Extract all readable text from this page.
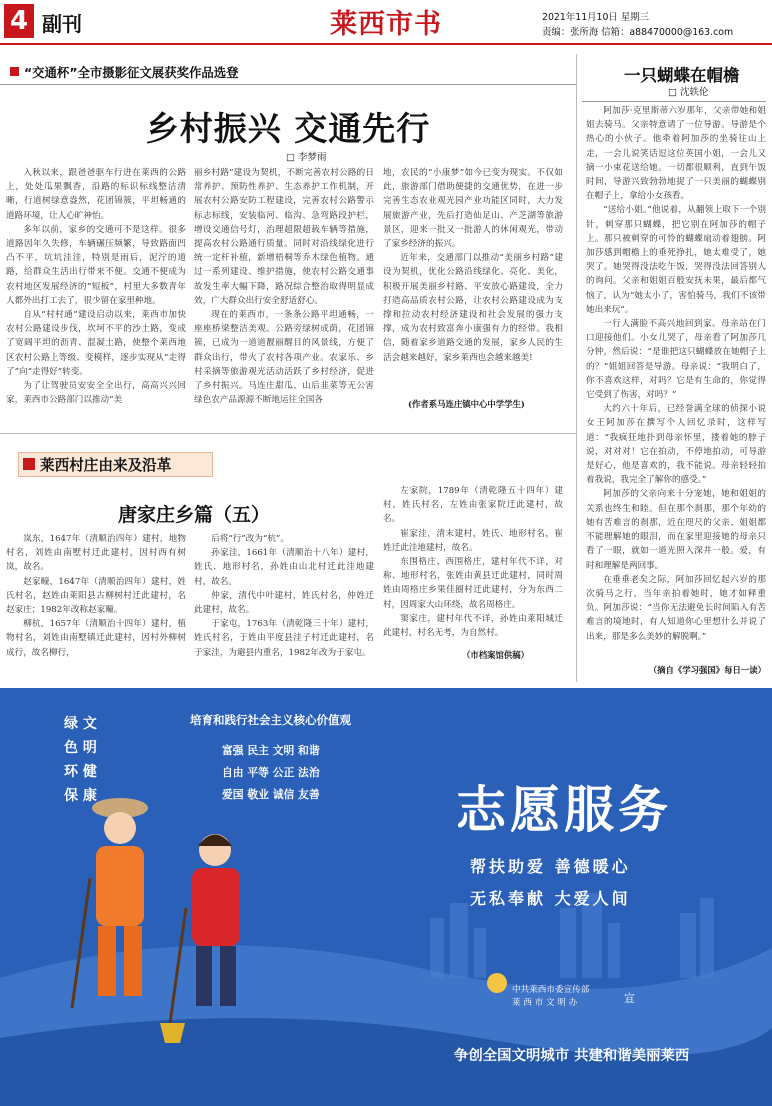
4 副刊	莱西市书	2021年11月10日 星期三
责编：张所海 信箱：a88470000@163.com
“交通杯”全市摄影征文展获奖作品选登
乡村振兴 交通先行
□ 李梦雨

入秋以来，跟爸爸驱车行进在莱西的公路上，处处瓜果飘香，沿路的标识标线整洁清晰，行道树绿意盎然，花团锦簇，平坦畅通的道路环境，让人心旷神怡。

多年以前，家乡的交通可不是这样。很多道路因年久失修，车辆碾压频繁，导致路面凹凸不平，坑坑洼洼，特别是雨后，泥泞的道路，给群众生活出行带来不便。交通不便成为农村地区发展经济的“短板”，村里大多数青年人都外出打工去了，很少留在家里种地。

自从“村村通”建设启动以来，莱西市加快农村公路建设步伐，坎坷不平的沙土路，变成了宽阔平坦的沥青、混凝土路，使整个莱西地区农村公路上等级、变模样，逐步实现从“走得了”向“走得好”转变。

为了让驾驶员安安全全出行，高高兴兴回家，莱西市公路部门以推动“美

丽乡村路”建设为契机，不断完善农村公路的日常养护、预防性养护、生态养护工作机制，开展农村公路安防工程建设，完善农村公路警示标志标线，安装临河、临沟、急弯路段护栏，增设交通信号灯，治理超限超载车辆等措施，提高农村公路通行质量。同时对沿线绿化进行统一定杆补植，新增梧桐等乔木绿色植物。通过一系列建设、维护措施，使农村公路交通事故发生率大幅下降，路况综合整治取得明显成效，广大群众出行安全舒适舒心。

现在的莱西市，一条条公路平坦通畅，一座座桥梁整洁美观。公路旁绿树成荫，花团锦簇，已成为一道道靓丽醒目的风景线，方便了群众出行，带火了农村各项产业。农家乐、乡村采摘等旅游观光活动活跃了乡村经济，促进了乡村振兴。马连庄甜瓜、山后韭菜等无公害绿色农产品源源不断地运往全国各

地，农民的“小康梦”如今已变为现实。不仅如此，旅游部门借助便捷的交通优势，在进一步完善生态农业观光园产业功能区同时，大力发展旅游产业，先后打造仙足山、产芝湖等旅游景区，迎来一批又一批游人的休闲观光，带动了家乡经济的振兴。

近年来，交通部门以推动“美丽乡村路”建设为契机，优化公路沿线绿化、亮化、美化，积极开展美丽乡村路、平安放心路建设，全力打造高品质农村公路，让农村公路建设成为支撑和拉动农村经济建设和社会发展的强力支撑，成为农村致富奔小康强有力的经带。我相信，随着家乡道路交通的发展，家乡人民的生活会越来越好，家乡莱西也会越来越美!

(作者系马连庄镇中心中学学生)
一只蝴蝶在帽檐
□ 沈轶伦

阿加莎·克里斯蒂六岁那年，父亲带她和姐姐去骑马。父亲特意请了一位导游。导游是个热心的小伙子。他牵着阿加莎的坐骑往山上走，一会儿说笑话逗这位英国小姐，一会儿又摘一小束花送给她。一切都很顺利，直到午饭时间，导游兴致勃勃地捉了一只美丽的蝴蝶别在帽子上，拿给小女孩看。

“送给小姐。”他说着，从翻领上取下一个别针，刺穿那只蝴蝶，把它别在阿加莎的帽子上。那只被刺穿的可怜的蝴蝶扇动着翅膀。阿加莎感到帽檐上的垂死挣扎，她太难受了，她哭了。她哭得没法吃午饭，哭得没法回答别人的询问。父亲和姐姐百般安抚未果，最后都气恼了，认为“她太小了，害怕骑马，我们不该带她出来玩”。

一行人满脸不高兴地回到家。母亲站在门口迎接他们。小女儿哭了，母亲看了阿加莎几分钟，然后说：“是谁把这只蝴蝶放在她帽子上的？”姐姐回答是导游。母亲说：“我明白了，你不喜欢这样，对吗？它是有生命的，你觉得它受到了伤害，对吗？”

大约六十年后，已经誉满全球的侦探小说女王阿加莎在撰写个人回忆录时，这样写道：“我疯狂地扑到母亲怀里，搂着她的脖子说，对对对！它在拍动，不停地拍动，可导游是好心，他是喜欢的，我不能说。母亲轻轻拍着我说，我完全了解你的感受。”

阿加莎的父亲向来十分宠她，她和姐姐的关系也终生和睦。但在那个刹那，那个年幼的她有苦难言的刹那，近在咫尺的父亲、姐姐都不能理解她的眼泪，而在家里迎接她的母亲只看了一眼，就如一道光照入深井一般。爱，有时和理解是两回事。

在垂垂老矣之际，阿加莎回忆起六岁的那次骑马之行，当年亲拍着她时，她才如释重负。阿加莎说：“当你无法避免长时间陷入有苦难言的境地时，有人知道你心里想什么并说了出来，那是多么美妙的解脱啊。”

（摘自《学习强国》每日一读）
莱西村庄由来及沿革
唐家庄乡篇（五）

岚东，1647年（清顺治四年）建村，地物村名，刘姓由南墅村迁此建村，因村西有树岚，故名。

赵家疃，1647年（清顺治四年）建村，姓氏村名，赵姓由莱阳县古柳树村迁此建村，名赵家庄；1982年改称赵家疃。

柳杭，1657年（清顺治十四年）建村，植物村名，刘姓由南墅镇迁此建村，因村外柳树成行，故名柳行，

后将“行”改为“杭”。

孙家洼，1661年（清顺治十八年）建村，姓氏、地形村名，孙姓由山北村迁此洼地建村，故名。

仲家，清代中叶建村，姓氏村名，仲姓迁此建村，故名。

于家屯，1763年（清乾隆三十年）建村，姓氏村名，于姓由平度县洼子村迁此建村，名于家洼，为避县内重名，1982年改为于家屯。

左家院，1789年（清乾隆五十四年）建村，姓氏村名，左姓由张家院迁此建村，故名。

崔家洼，清末建村，姓氏、地形村名，崔姓迁此洼地建村，故名。

东围格庄、西围格庄，建村年代不详，对称、地形村名，张姓由黄县迁此建村，同时周姓由周格庄乡果佳圈村迁此建村，分为东西二村，因周家大山环绕，故名周格庄。

窦家庄，建村年代不详，孙姓由莱阳城迁此建村，村名无考，为自然村。

（市档案馆供稿）
绿 文
色 明
环 健
保 康
培育和践行社会主义核心价值观
富强 民主 文明 和谐
自由 平等 公正 法治
爱国 敬业 诚信 友善	志愿服务
帮扶助爱 善德暖心
无私奉献 大爱人间
中共莱西市委宣传部
莱 西 市 文 明 办	宣
争创全国文明城市 共建和谐美丽莱西
